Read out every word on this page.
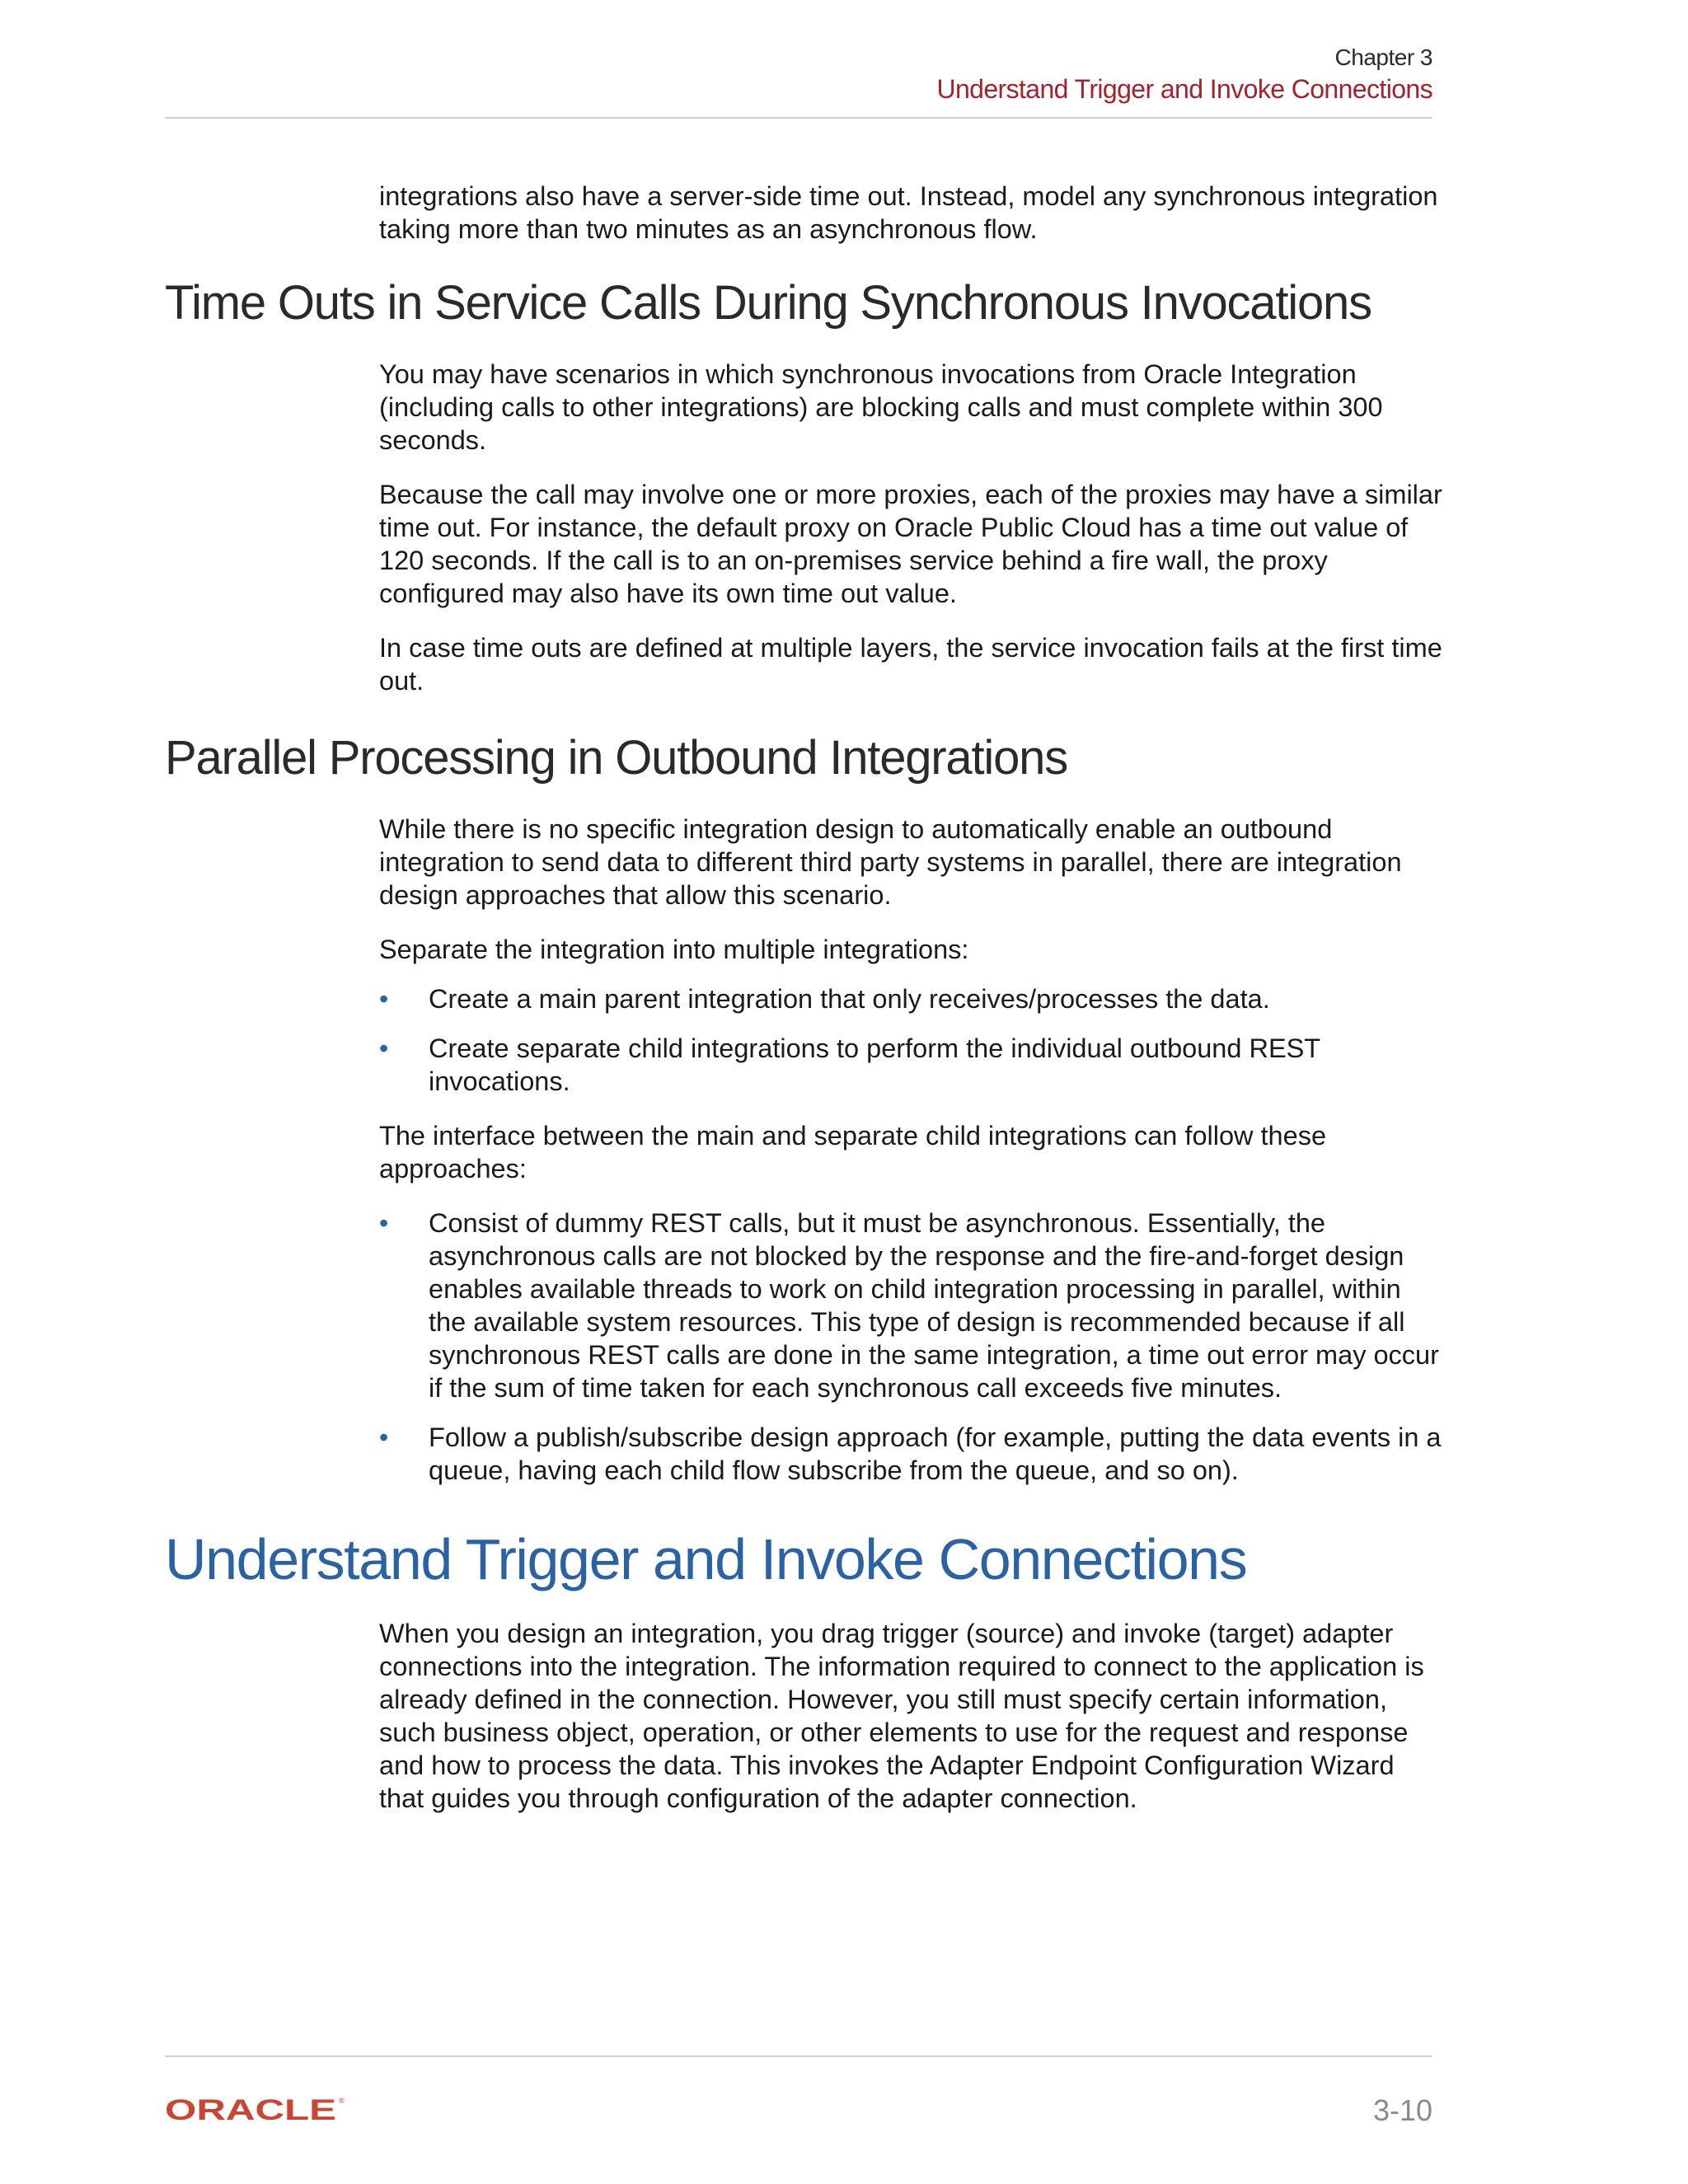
Chapter 3
Understand Trigger and Invoke Connections

integrations also have a server-side time out. Instead, model any synchronous integration taking more than two minutes as an asynchronous flow.

Time Outs in Service Calls During Synchronous Invocations

You may have scenarios in which synchronous invocations from Oracle Integration (including calls to other integrations) are blocking calls and must complete within 300 seconds.

Because the call may involve one or more proxies, each of the proxies may have a similar time out. For instance, the default proxy on Oracle Public Cloud has a time out value of 120 seconds. If the call is to an on-premises service behind a fire wall, the proxy configured may also have its own time out value.

In case time outs are defined at multiple layers, the service invocation fails at the first time out.

Parallel Processing in Outbound Integrations

While there is no specific integration design to automatically enable an outbound integration to send data to different third party systems in parallel, there are integration design approaches that allow this scenario.

Separate the integration into multiple integrations:

• Create a main parent integration that only receives/processes the data.
• Create separate child integrations to perform the individual outbound REST invocations.

The interface between the main and separate child integrations can follow these approaches:

• Consist of dummy REST calls, but it must be asynchronous. Essentially, the asynchronous calls are not blocked by the response and the fire-and-forget design enables available threads to work on child integration processing in parallel, within the available system resources. This type of design is recommended because if all synchronous REST calls are done in the same integration, a time out error may occur if the sum of time taken for each synchronous call exceeds five minutes.
• Follow a publish/subscribe design approach (for example, putting the data events in a queue, having each child flow subscribe from the queue, and so on).
Understand Trigger and Invoke Connections

When you design an integration, you drag trigger (source) and invoke (target) adapter connections into the integration. The information required to connect to the application is already defined in the connection. However, you still must specify certain information, such business object, operation, or other elements to use for the request and response and how to process the data. This invokes the Adapter Endpoint Configuration Wizard that guides you through configuration of the adapter connection.

ORACLE ®	3-10
